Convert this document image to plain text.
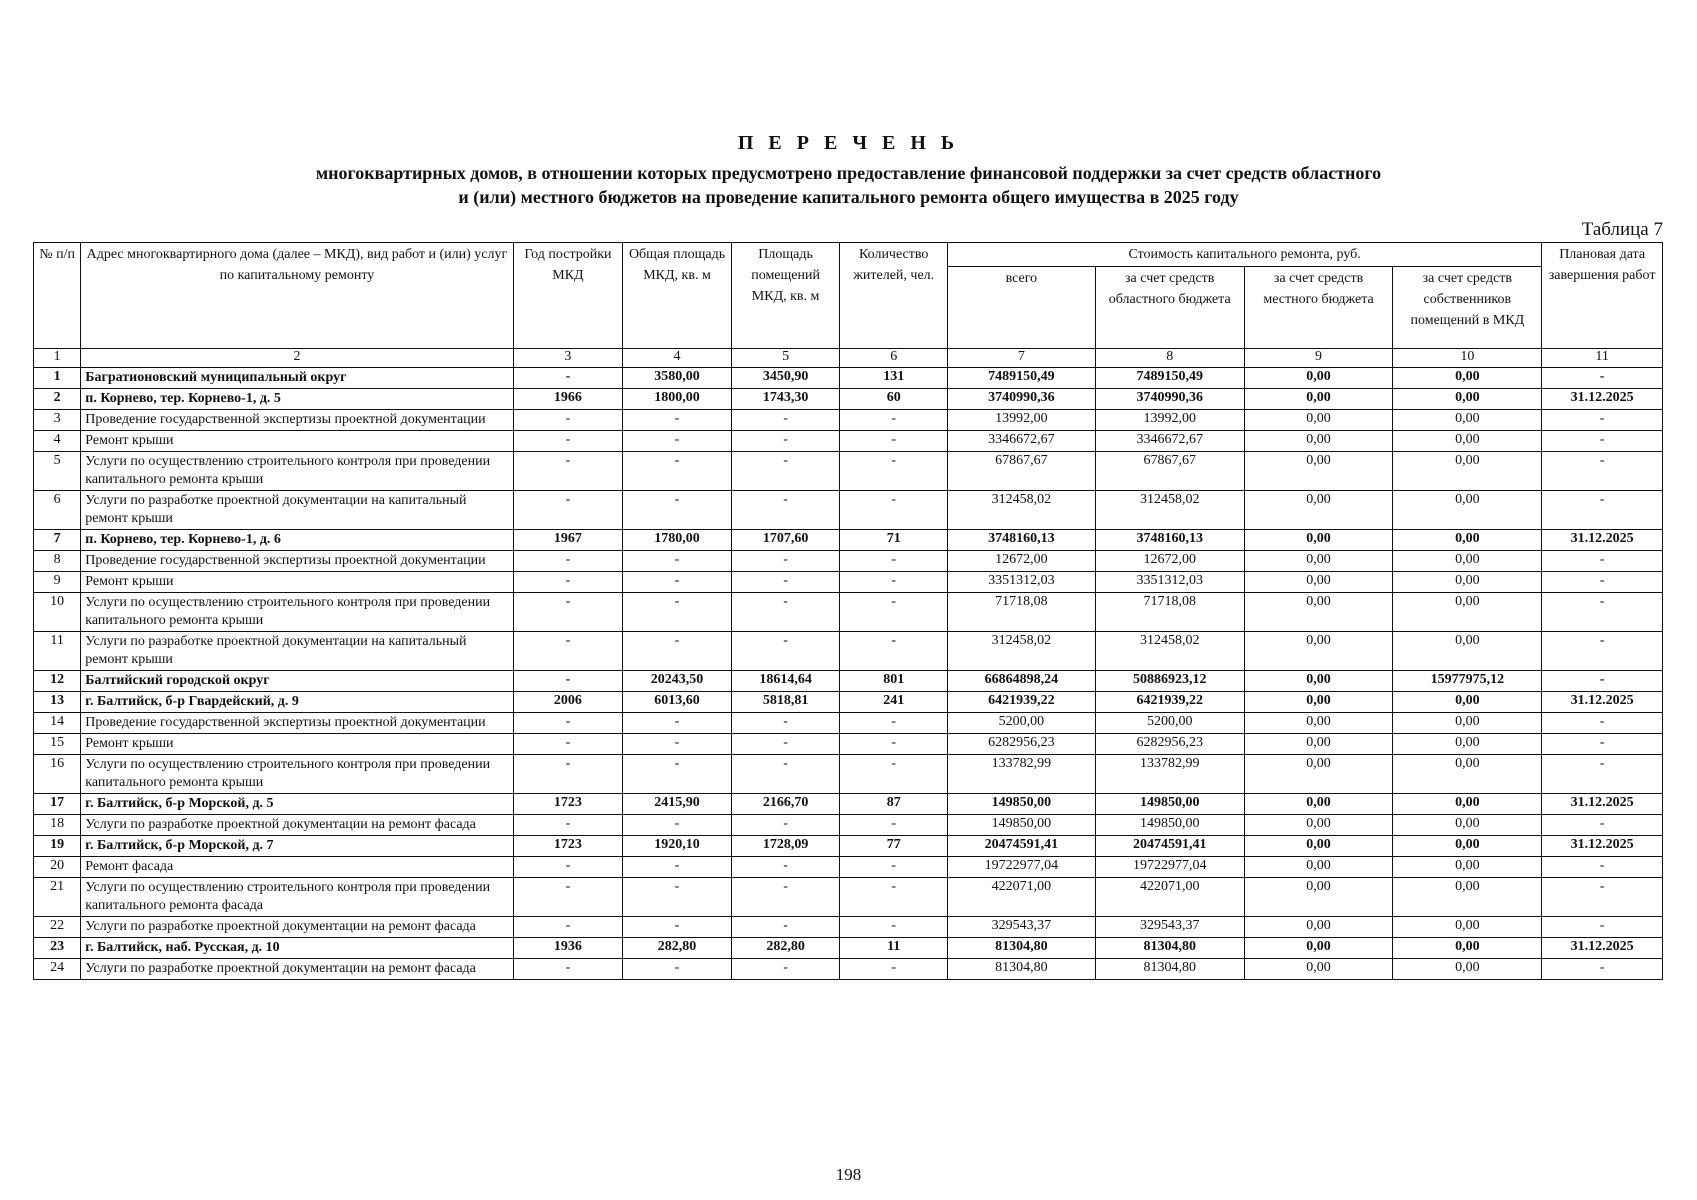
П Е Р Е Ч Е Н Ь
многоквартирных домов, в отношении которых предусмотрено предоставление финансовой поддержки за счет средств областного
и (или) местного бюджетов на проведение капитального ремонта общего имущества в 2025 году
Таблица 7
№ п/п	Адрес многоквартирного дома (далее – МКД), вид работ и (или) услуг по капитальному ремонту	Год постройки МКД	Общая площадь МКД, кв. м	Площадь помещений МКД, кв. м	Количество жителей, чел.	Стоимость капитального ремонта, руб.				Плановая дата завершения работ
						всего	за счет средств областного бюджета	за счет средств местного бюджета	за счет средств собственников помещений в МКД	
1	2	3	4	5	6	7	8	9	10	11
1	Багратионовский муниципальный округ	-	3580,00	3450,90	131	7489150,49	7489150,49	0,00	0,00	-
2	п. Корнево, тер. Корнево-1, д. 5	1966	1800,00	1743,30	60	3740990,36	3740990,36	0,00	0,00	31.12.2025
3	Проведение государственной экспертизы проектной документации	-	-	-	-	13992,00	13992,00	0,00	0,00	-
4	Ремонт крыши	-	-	-	-	3346672,67	3346672,67	0,00	0,00	-
5	Услуги по осуществлению строительного контроля при проведении капитального ремонта крыши	-	-	-	-	67867,67	67867,67	0,00	0,00	-
6	Услуги по разработке проектной документации на капитальный ремонт крыши	-	-	-	-	312458,02	312458,02	0,00	0,00	-
7	п. Корнево, тер. Корнево-1, д. 6	1967	1780,00	1707,60	71	3748160,13	3748160,13	0,00	0,00	31.12.2025
8	Проведение государственной экспертизы проектной документации	-	-	-	-	12672,00	12672,00	0,00	0,00	-
9	Ремонт крыши	-	-	-	-	3351312,03	3351312,03	0,00	0,00	-
10	Услуги по осуществлению строительного контроля при проведении капитального ремонта крыши	-	-	-	-	71718,08	71718,08	0,00	0,00	-
11	Услуги по разработке проектной документации на капитальный ремонт крыши	-	-	-	-	312458,02	312458,02	0,00	0,00	-
12	Балтийский городской округ	-	20243,50	18614,64	801	66864898,24	50886923,12	0,00	15977975,12	-
13	г. Балтийск, б-р Гвардейский, д. 9	2006	6013,60	5818,81	241	6421939,22	6421939,22	0,00	0,00	31.12.2025
14	Проведение государственной экспертизы проектной документации	-	-	-	-	5200,00	5200,00	0,00	0,00	-
15	Ремонт крыши	-	-	-	-	6282956,23	6282956,23	0,00	0,00	-
16	Услуги по осуществлению строительного контроля при проведении капитального ремонта крыши	-	-	-	-	133782,99	133782,99	0,00	0,00	-
17	г. Балтийск, б-р Морской, д. 5	1723	2415,90	2166,70	87	149850,00	149850,00	0,00	0,00	31.12.2025
18	Услуги по разработке проектной документации на ремонт фасада	-	-	-	-	149850,00	149850,00	0,00	0,00	-
19	г. Балтийск, б-р Морской, д. 7	1723	1920,10	1728,09	77	20474591,41	20474591,41	0,00	0,00	31.12.2025
20	Ремонт фасада	-	-	-	-	19722977,04	19722977,04	0,00	0,00	-
21	Услуги по осуществлению строительного контроля при проведении капитального ремонта фасада	-	-	-	-	422071,00	422071,00	0,00	0,00	-
22	Услуги по разработке проектной документации на ремонт фасада	-	-	-	-	329543,37	329543,37	0,00	0,00	-
23	г. Балтийск, наб. Русская, д. 10	1936	282,80	282,80	11	81304,80	81304,80	0,00	0,00	31.12.2025
24	Услуги по разработке проектной документации на ремонт фасада	-	-	-	-	81304,80	81304,80	0,00	0,00	-
198
